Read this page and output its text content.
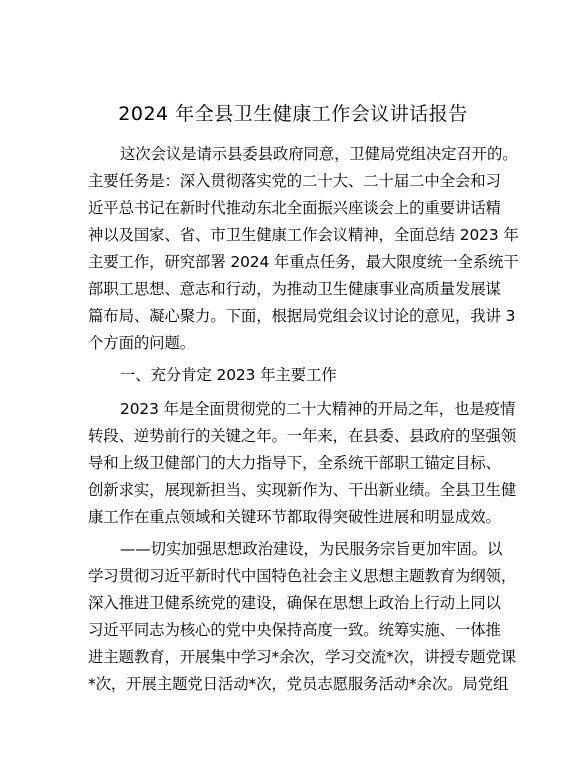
2024 年全县卫生健康工作会议讲话报告
这次会议是请示县委县政府同意，卫健局党组决定召开的。
主要任务是：深入贯彻落实党的二十大、二十届二中全会和习
近平总书记在新时代推动东北全面振兴座谈会上的重要讲话精
神以及国家、省、市卫生健康工作会议精神，全面总结 2023 年
主要工作，研究部署 2024 年重点任务，最大限度统一全系统干
部职工思想、意志和行动，为推动卫生健康事业高质量发展谋
篇布局、凝心聚力。下面，根据局党组会议讨论的意见，我讲 3
个方面的问题。
一、充分肯定 2023 年主要工作
2023 年是全面贯彻党的二十大精神的开局之年，也是疫情
转段、逆势前行的关键之年。一年来，在县委、县政府的坚强领
导和上级卫健部门的大力指导下，全系统干部职工锚定目标、
创新求实，展现新担当、实现新作为、干出新业绩。全县卫生健
康工作在重点领域和关键环节都取得突破性进展和明显成效。
——切实加强思想政治建设，为民服务宗旨更加牢固。以
学习贯彻习近平新时代中国特色社会主义思想主题教育为纲领，
深入推进卫健系统党的建设，确保在思想上政治上行动上同以
习近平同志为核心的党中央保持高度一致。统筹实施、一体推
进主题教育，开展集中学习*余次，学习交流*次，讲授专题党课
*次，开展主题党日活动*次，党员志愿服务活动*余次。局党组
